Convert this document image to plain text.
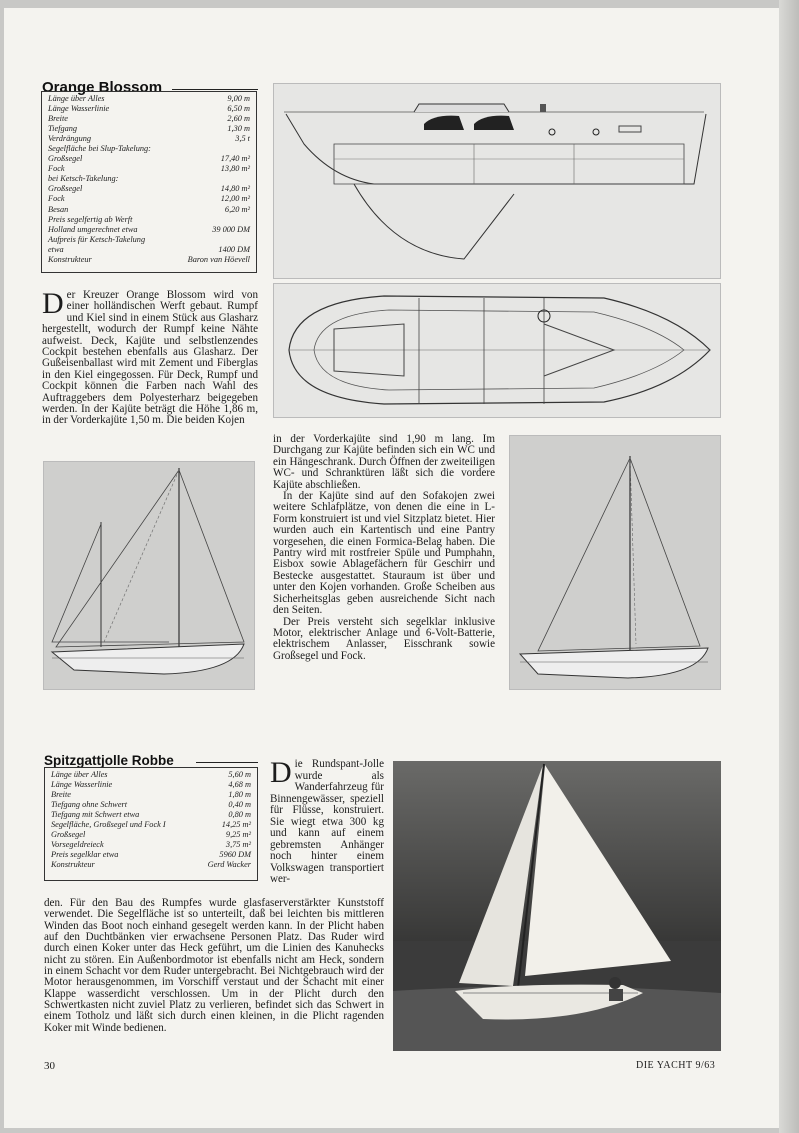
Orange Blossom
Länge über Alles	9,00 m
Länge Wasserlinie	6,50 m
Breite	2,60 m
Tiefgang	1,30 m
Verdrängung	3,5 t
Segelfläche bei Slup-Takelung:
Großsegel	17,40 m²
Fock	13,80 m²
bei Ketsch-Takelung:
Großsegel	14,80 m²
Fock	12,00 m²
Besan	6,20 m²
Preis segelfertig ab Werft
Holland umgerechnet etwa	39 000 DM
Aufpreis für Ketsch-Takelung
etwa	1400 DM
Konstrukteur	Baron van Höevell
Der Kreuzer Orange Blossom wird von einer holländischen Werft gebaut. Rumpf und Kiel sind in einem Stück aus Glasharz hergestellt, wodurch der Rumpf keine Nähte aufweist. Deck, Kajüte und selbstlenzendes Cockpit bestehen ebenfalls aus Glasharz. Der Gußeisenballast wird mit Zement und Fiberglas in den Kiel eingegossen. Für Deck, Rumpf und Cockpit können die Farben nach Wahl des Auftraggebers dem Polyesterharz beigegeben werden. In der Kajüte beträgt die Höhe 1,86 m, in der Vorderkajüte 1,50 m. Die beiden Kojen

in der Vorderkajüte sind 1,90 m lang. Im Durchgang zur Kajüte befinden sich ein WC und ein Hängeschrank. Durch Öffnen der zweiteiligen WC- und Schranktüren läßt sich die vordere Kajüte abschließen.

In der Kajüte sind auf den Sofakojen zwei weitere Schlafplätze, von denen die eine in L-Form konstruiert ist und viel Sitzplatz bietet. Hier wurden auch ein Kartentisch und eine Pantry vorgesehen, die einen Formica-Belag haben. Die Pantry wird mit rostfreier Spüle und Pumphahn, Eisbox sowie Ablagefächern für Geschirr und Bestecke ausgestattet. Stauraum ist über und unter den Kojen vorhanden. Große Scheiben aus Sicherheitsglas geben ausreichende Sicht nach den Seiten.

Der Preis versteht sich segelklar inklusive Motor, elektrischer Anlage und 6-Volt-Batterie, elektrischem Anlasser, Eisschrank sowie Großsegel und Fock.

Spitzgattjolle Robbe
Länge über Alles	5,60 m
Länge Wasserlinie	4,68 m
Breite	1,80 m
Tiefgang ohne Schwert	0,40 m
Tiefgang mit Schwert etwa	0,80 m
Segelfläche, Großsegel und Fock I	14,25 m²
Großsegel	9,25 m²
Vorsegeldreieck	3,75 m²
Preis segelklar etwa	5960 DM
Konstrukteur	Gerd Wacker
Die Rundspant-Jolle wurde als Wanderfahrzeug für Binnengewässer, speziell für Flüsse, konstruiert. Sie wiegt etwa 300 kg und kann auf einem gebremsten Anhänger noch hinter einem Volkswagen transportiert wer-
den. Für den Bau des Rumpfes wurde glasfaserverstärkter Kunststoff verwendet. Die Segelfläche ist so unterteilt, daß bei leichten bis mittleren Winden das Boot noch einhand gesegelt werden kann. In der Plicht haben auf den Duchtbänken vier erwachsene Personen Platz. Das Ruder wird durch einen Koker unter das Heck geführt, um die Linien des Kanuhecks nicht zu stören. Ein Außenbordmotor ist ebenfalls nicht am Heck, sondern in einem Schacht vor dem Ruder untergebracht. Bei Nichtgebrauch wird der Motor herausgenommen, im Vorschiff verstaut und der Schacht mit einer Klappe wasserdicht verschlossen. Um in der Plicht durch den Schwertkasten nicht zuviel Platz zu verlieren, befindet sich das Schwert in einem Totholz und läßt sich durch einen kleinen, in die Plicht ragenden Koker mit Winde bedienen.
30	DIE YACHT 9/63
